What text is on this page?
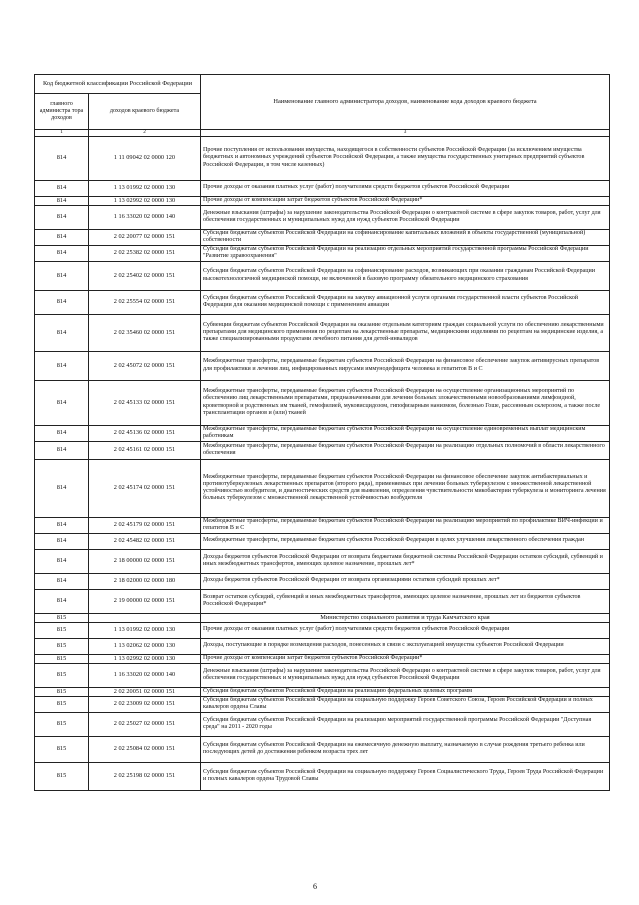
Код бюджетной классификации Российской Федерации		Наименование главного администратора доходов, наименование кода доходов краевого бюджета
главного администра тора доходов	доходов краевого бюджета	
1	2	3
814	1 11 09042 02 0000 120	Прочие поступления от использования имущества, находящегося в собственности субъектов Российской Федерации (за исключением имущества бюджетных и автономных учреждений субъектов Российской Федерации, а также имущества государственных унитарных предприятий субъектов Российской Федерации, в том числе казенных)
814	1 13 01992 02 0000 130	Прочие доходы от оказания платных услуг (работ) получателями средств бюджетов субъектов Российской Федерации
814	1 13 02992 02 0000 130	Прочие доходы от компенсации затрат бюджетов субъектов Российской Федерации*
814	1 16 33020 02 0000 140	Денежные взыскания (штрафы) за нарушение законодательства Российской Федерации о контрактной системе в сфере закупок товаров, работ, услуг для обеспечения государственных и муниципальных нужд для нужд субъектов Российской Федерации
814	2 02 20077 02 0000 151	Субсидии бюджетам субъектов Российской Федерации на софинансирование капитальных вложений в объекты государственной (муниципальной) собственности
814	2 02 25382 02 0000 151	Субсидии бюджетам субъектов Российской Федерации на реализацию отдельных мероприятий государственной программы Российской Федерации "Развитие здравоохранения"
814	2 02 25402 02 0000 151	Субсидии бюджетам субъектов Российской Федерации на софинансирование расходов, возникающих при оказании гражданам Российской Федерации высокотехнологичной медицинской помощи, не включенной в базовую программу обязательного медицинского страхования
814	2 02 25554 02 0000 151	Субсидии бюджетам субъектов Российской Федерации на закупку авиационной услуги органами государственной власти субъектов Российской Федерации для оказания медицинской помощи с применением авиации
814	2 02 35460 02 0000 151	Субвенции бюджетам субъектов Российской Федерации на оказание отдельным категориям граждан социальной услуги по обеспечению лекарственными препаратами для медицинского применения по рецептам на лекарственные препараты, медицинскими изделиями по рецептам на медицинские изделия, а также специализированными продуктами лечебного питания для детей-инвалидов
814	2 02 45072 02 0000 151	Межбюджетные трансферты, передаваемые бюджетам субъектов Российской Федерации на финансовое обеспечение закупок антивирусных препаратов для профилактики и лечения лиц, инфицированных вирусами иммунодефицита человека и гепатитов B и C
814	2 02 45133 02 0000 151	Межбюджетные трансферты, передаваемые бюджетам субъектов Российской Федерации на осуществление организационных мероприятий по обеспечению лиц лекарственными препаратами, предназначенными для лечения больных злокачественными новообразованиями лимфоидной, кроветворной и родственных им тканей, гемофилией, муковисцидозом, гипофизарным нанизмом, болезнью Гоше, рассеянным склерозом, а также после трансплантации органов и (или) тканей
814	2 02 45136 02 0000 151	Межбюджетные трансферты, передаваемые бюджетам субъектов Российской Федерации на осуществление единовременных выплат медицинским работникам
814	2 02 45161 02 0000 151	Межбюджетные трансферты, передаваемые бюджетам субъектов Российской Федерации на реализацию отдельных полномочий в области лекарственного обеспечения
814	2 02 45174 02 0000 151	Межбюджетные трансферты, передаваемые бюджетам субъектов Российской Федерации на финансовое обеспечение закупок антибактериальных и противотуберкулезных лекарственных препаратов (второго ряда), применяемых при лечении больных туберкулезом с множественной лекарственной устойчивостью возбудителя, и диагностических средств для выявления, определения чувствительности микобактерии туберкулеза и мониторинга лечения больных туберкулезом с множественной лекарственной устойчивостью возбудителя
814	2 02 45179 02 0000 151	Межбюджетные трансферты, передаваемые бюджетам субъектов Российской Федерации на реализацию мероприятий по профилактике ВИЧ-инфекции и гепатитов B и C
814	2 02 45482 02 0000 151	Межбюджетные трансферты, передаваемые бюджетам субъектов Российской Федерации в целях улучшения лекарственного обеспечения граждан
814	2 18 00000 02 0000 151	Доходы бюджетов субъектов Российской Федерации от возврата бюджетами бюджетной системы Российской Федерации остатков субсидий, субвенций и иных межбюджетных трансфертов, имеющих целевое назначение, прошлых лет*
814	2 18 02000 02 0000 180	Доходы бюджетов субъектов Российской Федерации от возврата организациями остатков субсидий прошлых лет*
814	2 19 00000 02 0000 151	Возврат остатков субсидий, субвенций и иных межбюджетных трансфертов, имеющих целевое назначение, прошлых лет из бюджетов субъектов Российской Федерации*
815		Министерство социального развития и труда Камчатского края
815	1 13 01992 02 0000 130	Прочие доходы от оказания платных услуг (работ) получателями средств бюджетов субъектов Российской Федерации
815	1 13 02062 02 0000 130	Доходы, поступающие в порядке возмещения расходов, понесенных в связи с эксплуатацией имущества субъектов Российской Федерации
815	1 13 02992 02 0000 130	Прочие доходы от компенсации затрат бюджетов субъектов Российской Федерации*
815	1 16 33020 02 0000 140	Денежные взыскания (штрафы) за нарушение законодательства Российской Федерации о контрактной системе в сфере закупок товаров, работ, услуг для обеспечения государственных и муниципальных нужд для нужд субъектов Российской Федерации
815	2 02 20051 02 0000 151	Субсидии бюджетам субъектов Российской Федерации на реализацию федеральных целевых программ
815	2 02 23009 02 0000 151	Субсидии бюджетам субъектов Российской Федерации на социальную поддержку Героев Советского Союза, Героев Российской Федерации и полных кавалеров ордена Славы
815	2 02 25027 02 0000 151	Субсидии бюджетам субъектов Российской Федерации на реализацию мероприятий государственной программы Российской Федерации "Доступная среда" на 2011 - 2020 годы
815	2 02 25084 02 0000 151	Субсидии бюджетам субъектов Российской Федерации на ежемесячную денежную выплату, назначаемую в случае рождения третьего ребенка или последующих детей до достижения ребенком возраста трех лет
815	2 02 25198 02 0000 151	Субсидии бюджетам субъектов Российской Федерации на социальную поддержку Героев Социалистического Труда, Героев Труда Российской Федерации и полных кавалеров ордена Трудовой Славы
6
